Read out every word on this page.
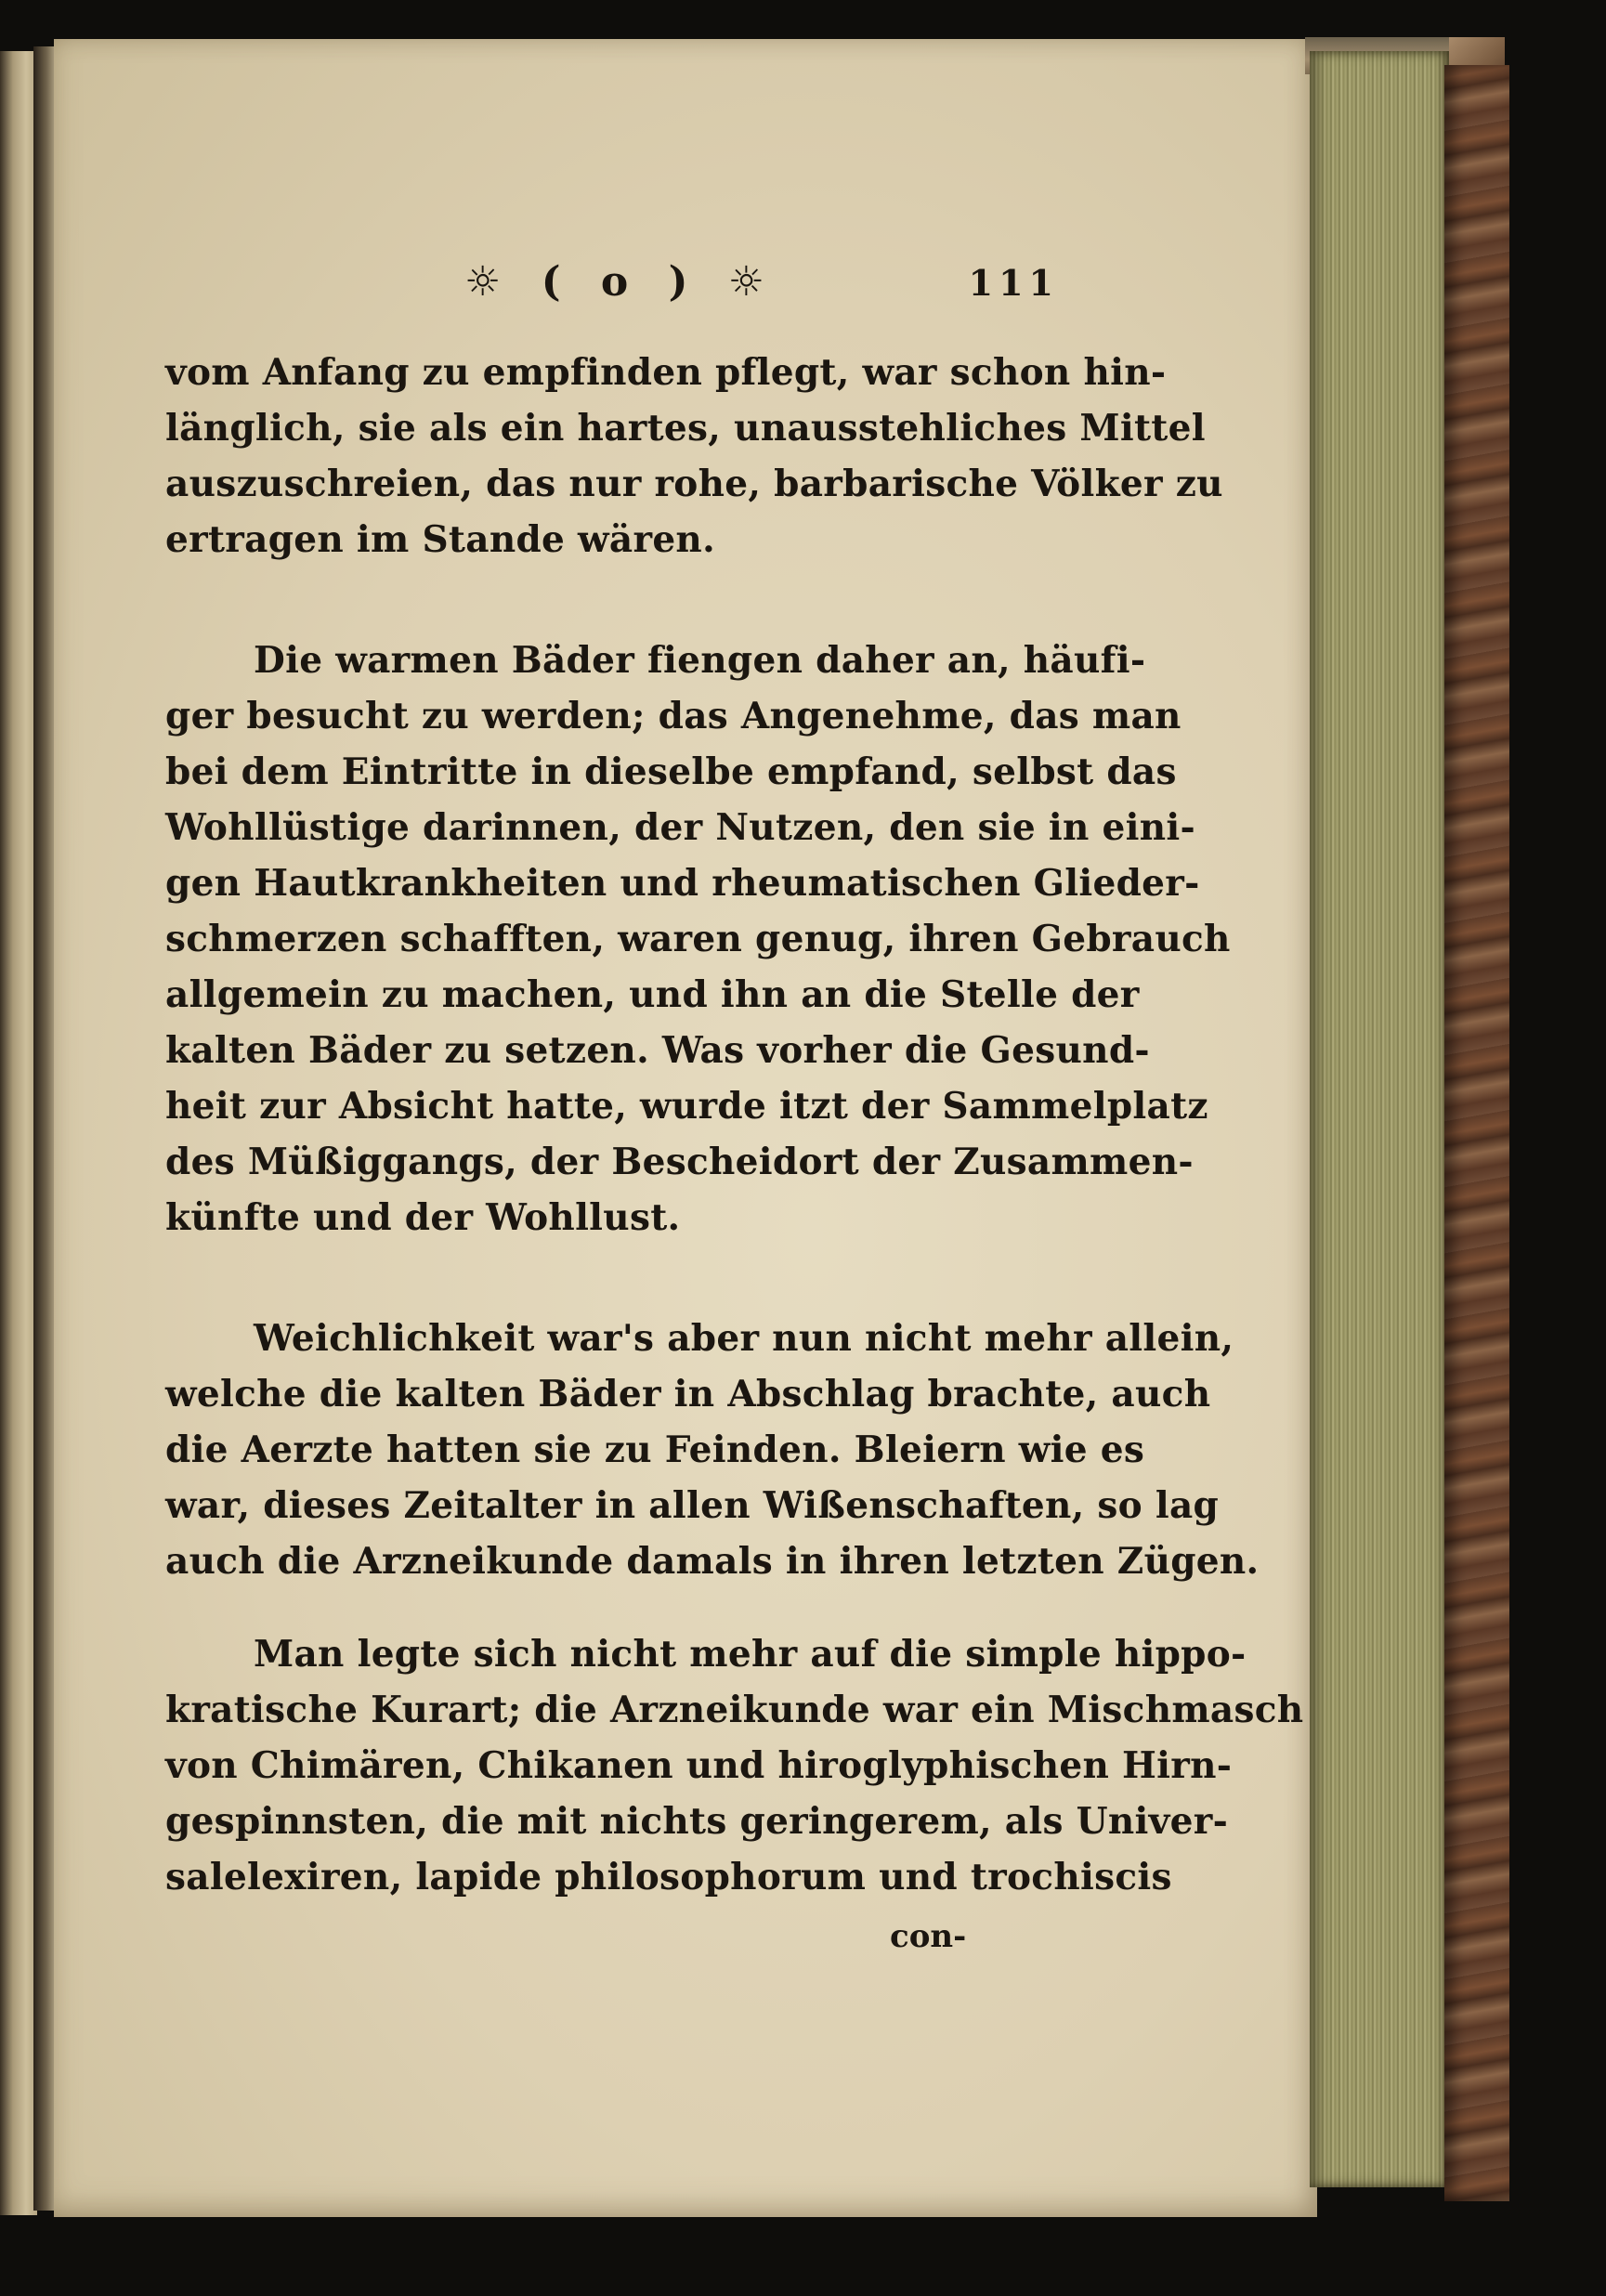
☼ ( o ) ☼	111
vom Anfang zu empfinden pflegt, war schon hin-
länglich, sie als ein hartes, unausstehliches Mittel
auszuschreien, das nur rohe, barbarische Völker zu
ertragen im Stande wären.
Die warmen Bäder fiengen daher an, häufi-
ger besucht zu werden; das Angenehme, das man
bei dem Eintritte in dieselbe empfand, selbst das
Wohllüstige darinnen, der Nutzen, den sie in eini-
gen Hautkrankheiten und rheumatischen Glieder-
schmerzen schafften, waren genug, ihren Gebrauch
allgemein zu machen, und ihn an die Stelle der
kalten Bäder zu setzen. Was vorher die Gesund-
heit zur Absicht hatte, wurde itzt der Sammelplatz
des Müßiggangs, der Bescheidort der Zusammen-
künfte und der Wohllust.
Weichlichkeit war's aber nun nicht mehr allein,
welche die kalten Bäder in Abschlag brachte, auch
die Aerzte hatten sie zu Feinden. Bleiern wie es
war, dieses Zeitalter in allen Wißenschaften, so lag
auch die Arzneikunde damals in ihren letzten Zügen.
Man legte sich nicht mehr auf die simple hippo-
kratische Kurart; die Arzneikunde war ein Mischmasch
von Chimären, Chikanen und hiroglyphischen Hirn-
gespinnsten, die mit nichts geringerem, als Univer-
salelexiren, lapide philosophorum und trochiscis
con-
